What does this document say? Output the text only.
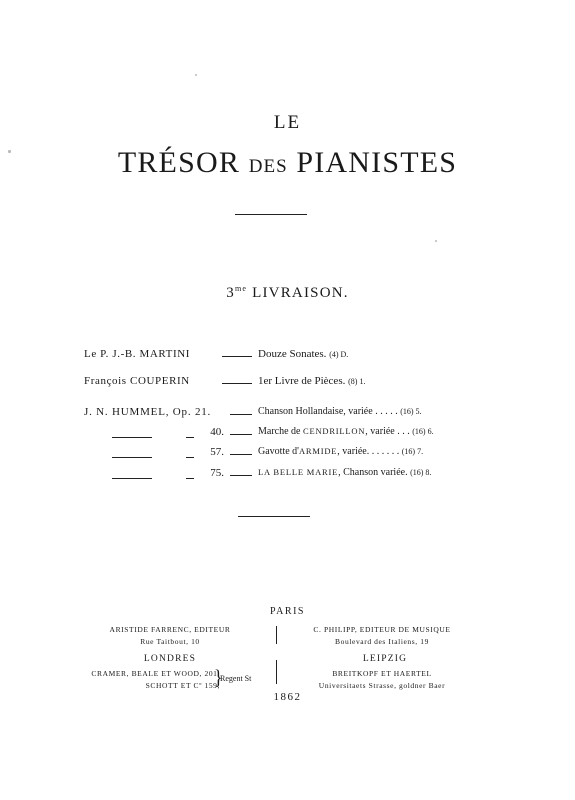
LE
TRÉSOR DES PIANISTES
$3^{me}$ LIVRAISON.
Le P. J.-B. MARTINI	Douze Sonates. (4) D.
François COUPERIN	1er Livre de Pièces. (8) 1.
J. N. HUMMEL, Op. 21.	Chanson Hollandaise, variée . . . . . (16) 5.
40.	Marche de CENDRILLON, variée . . . (16) 6.
57.	Gavotte d'ARMIDE, variée. . . . . . . (16) 7.
75.	LA BELLE MARIE, Chanson variée. (16) 8.
PARIS
ARISTIDE FARRENC, EDITEUR
Rue Taitbout, 10
C. PHILIPP, EDITEUR DE MUSIQUE
Boulevard des Italiens, 19
LONDRES	LEIPZIG
CRAMER, BEALE ET WOOD, 201,
SCHOTT ET Cº 159,
}
Regent St
BREITKOPF ET HAERTEL
Universitaets Strasse, goldner Baer
1862
